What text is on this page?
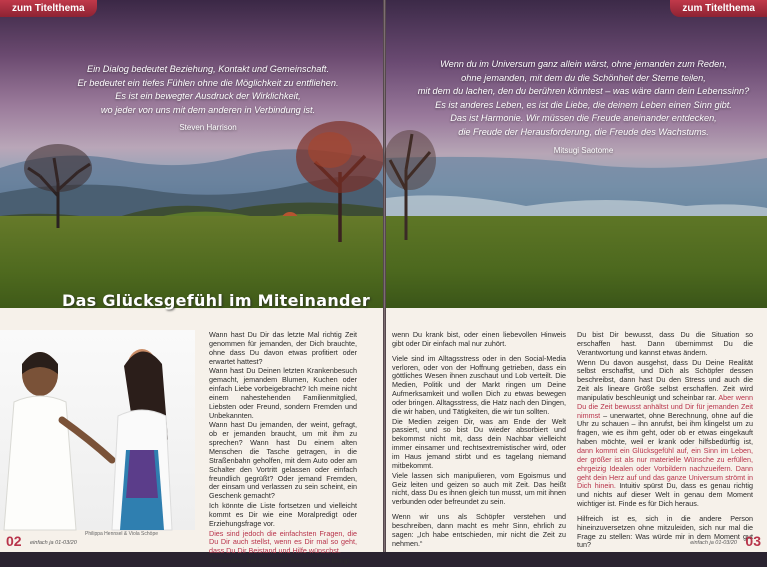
zum Titelthema

Ein Dialog bedeutet Beziehung, Kontakt und Gemeinschaft.

Er bedeutet ein tiefes Fühlen ohne die Möglichkeit zu entfliehen.

Es ist ein bewegter Ausdruck der Wirklichkeit,

wo jeder von uns mit dem anderen in Verbindung ist.

Steven Harrison
Das Glücksgefühl im Miteinander
Philippa Hennsel & Viola Schöpe

Wann hast Du Dir das letzte Mal richtig Zeit genommen für jemanden, der Dich brauchte, ohne dass Du davon etwas profitiert oder erwartet hattest?

Wann hast Du Deinen letzten Krankenbesuch gemacht, jemandem Blumen, Kuchen oder einfach Liebe vorbeigebracht? Ich meine nicht einem nahestehenden Familienmitglied, Liebsten oder Freund, sondern Fremden und Unbekannten.

Wann hast Du jemanden, der weint, gefragt, ob er jemanden braucht, um mit ihm zu sprechen? Wann hast Du einem alten Menschen die Tasche getragen, in die Straßenbahn geholfen, mit dem Auto oder am Schalter den Vortritt gelassen oder einfach freundlich gegrüßt? Oder jemand Fremden, der einsam und verlassen zu sein scheint, ein Geschenk gemacht?

Ich könnte die Liste fortsetzen und vielleicht kommt es Dir wie eine Moralpredigt oder Erziehungsfrage vor.

Dies sind jedoch die einfachsten Fragen, die Du Dir auch stellst, wenn es Dir mal so geht, dass Du Dir Beistand und Hilfe wünschst.

Jemanden, der Dir einen Tee ans Bett bringt,

02 einfach ja 01-03/20
zum Titelthema

Wenn du im Universum ganz allein wärst, ohne jemanden zum Reden,

ohne jemanden, mit dem du die Schönheit der Sterne teilen,

mit dem du lachen, den du berühren könntest – was wäre dann dein Lebenssinn?

Es ist anderes Leben, es ist die Liebe, die deinem Leben einen Sinn gibt.

Das ist Harmonie. Wir müssen die Freude aneinander entdecken,

die Freude der Herausforderung, die Freude des Wachstums.

Mitsugi Saotome

wenn Du krank bist, oder einen liebevollen Hinweis gibt oder Dir einfach mal nur zuhört.

Viele sind im Alltagsstress oder in den Social-Media verloren, oder von der Hoffnung getrieben, dass ein göttliches Wesen ihnen zuschaut und Lob verteilt. Die Medien, Politik und der Markt ringen um Deine Aufmerksamkeit und wollen Dich zu etwas bewegen oder bringen. Alltagsstress, die Hatz nach den Dingen, die wir haben, und Tätigkeiten, die wir tun sollten.

Die Medien zeigen Dir, was am Ende der Welt passiert, und so bist Du wieder absorbiert und bekommst nicht mit, dass dein Nachbar vielleicht immer einsamer und rechtsextremistischer wird, oder im Haus jemand stirbt und es tagelang niemand mitbekommt.

Viele lassen sich manipulieren, vom Egoismus und Geiz leiten und geizen so auch mit Zeit. Das heißt nicht, dass Du es ihnen gleich tun musst, um mit ihnen verbunden oder befreundet zu sein.

Wenn wir uns als Schöpfer verstehen und beschreiben, dann macht es mehr Sinn, ehrlich zu sagen: „Ich habe entschieden, mir nicht die Zeit zu nehmen.“

Du bist Dir bewusst, dass Du die Situation so erschaffen hast. Dann übernimmst Du die Verantwortung und kannst etwas ändern.

Wenn Du davon ausgehst, dass Du Deine Realität selbst erschaffst, und Dich als Schöpfer dessen beschreibst, dann hast Du den Stress und auch die Zeit als lineare Größe selbst erschaffen. Zeit wird manipulativ beschleunigt und scheinbar rar. Aber wenn Du die Zeit bewusst anhältst und Dir für jemanden Zeit nimmst – unerwartet, ohne Berechnung, ohne auf die Uhr zu schauen – ihn anrufst, bei ihm klingelst um zu fragen, wie es ihm geht, oder ob er etwas eingekauft haben möchte, weil er krank oder hilfsbedürftig ist, dann kommt ein Glücksgefühl auf, ein Sinn im Leben, der größer ist als nur materielle Wünsche zu erfüllen, ehrgeizig Idealen oder Vorbildern nachzueifern. Dann geht dein Herz auf und das ganze Universum strömt in Dich hinein. Intuitiv spürst Du, dass es genau richtig und nichts auf dieser Welt in genau dem Moment wichtiger ist. Finde es für Dich heraus.

Hilfreich ist es, sich in die andere Person hineinzuversetzen ohne mitzuleiden, sich nur mal die Frage zu stellen: Was würde mir in dem Moment gut tun?	einfach ja 01-03/20 03
